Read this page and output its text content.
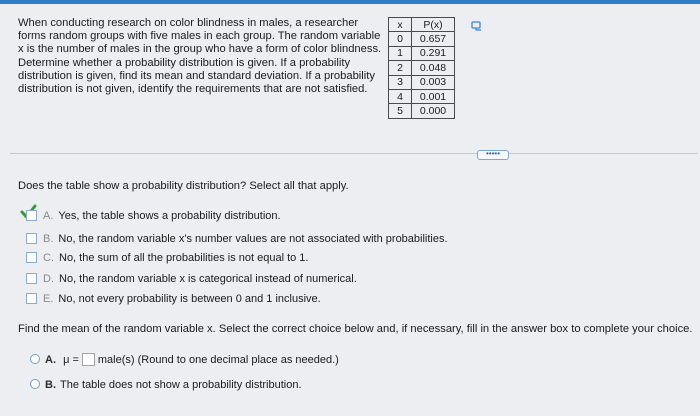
When conducting research on color blindness in males, a researcher forms random groups with five males in each group. The random variable x is the number of males in the group who have a form of color blindness. Determine whether a probability distribution is given. If a probability distribution is given, find its mean and standard deviation. If a probability distribution is not given, identify the requirements that are not satisfied.
x	P(x)
0	0.657
1	0.291
2	0.048
3	0.003
4	0.001
5	0.000
•••••
Does the table show a probability distribution? Select all that apply.
A. Yes, the table shows a probability distribution.
B. No, the random variable x's number values are not associated with probabilities.
C. No, the sum of all the probabilities is not equal to 1.
D. No, the random variable x is categorical instead of numerical.
E. No, not every probability is between 0 and 1 inclusive.
Find the mean of the random variable x. Select the correct choice below and, if necessary, fill in the answer box to complete your choice.
A. μ = male(s) (Round to one decimal place as needed.)
B. The table does not show a probability distribution.
